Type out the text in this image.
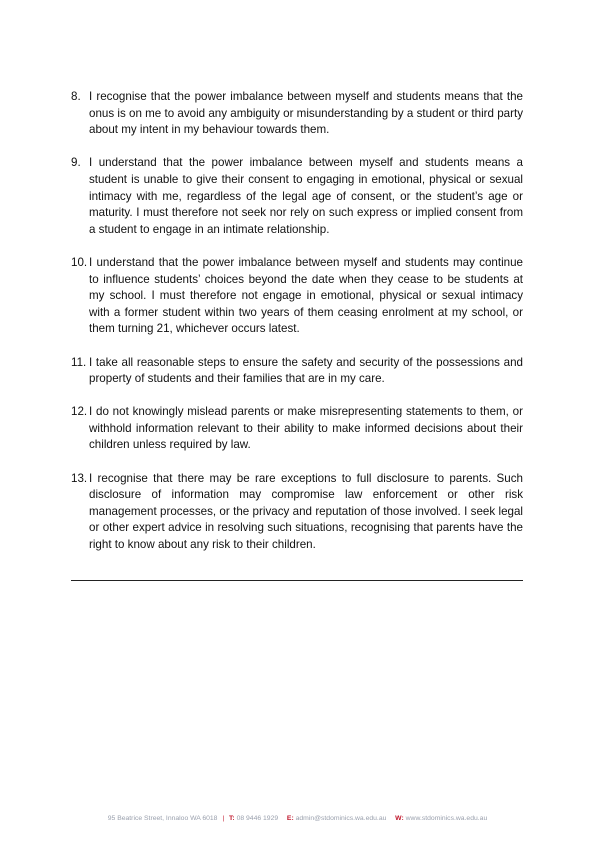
8. I recognise that the power imbalance between myself and students means that the onus is on me to avoid any ambiguity or misunderstanding by a student or third party about my intent in my behaviour towards them.
9. I understand that the power imbalance between myself and students means a student is unable to give their consent to engaging in emotional, physical or sexual intimacy with me, regardless of the legal age of consent, or the student’s age or maturity. I must therefore not seek nor rely on such express or implied consent from a student to engage in an intimate relationship.
10. I understand that the power imbalance between myself and students may continue to influence students’ choices beyond the date when they cease to be students at my school. I must therefore not engage in emotional, physical or sexual intimacy with a former student within two years of them ceasing enrolment at my school, or them turning 21, whichever occurs latest.
11. I take all reasonable steps to ensure the safety and security of the possessions and property of students and their families that are in my care.
12. I do not knowingly mislead parents or make misrepresenting statements to them, or withhold information relevant to their ability to make informed decisions about their children unless required by law.
13. I recognise that there may be rare exceptions to full disclosure to parents. Such disclosure of information may compromise law enforcement or other risk management processes, or the privacy and reputation of those involved. I seek legal or other expert advice in resolving such situations, recognising that parents have the right to know about any risk to their children.
95 Beatrice Street, Innaloo WA 6018 | T: 08 9446 1929 E: admin@stdominics.wa.edu.au W: www.stdominics.wa.edu.au
